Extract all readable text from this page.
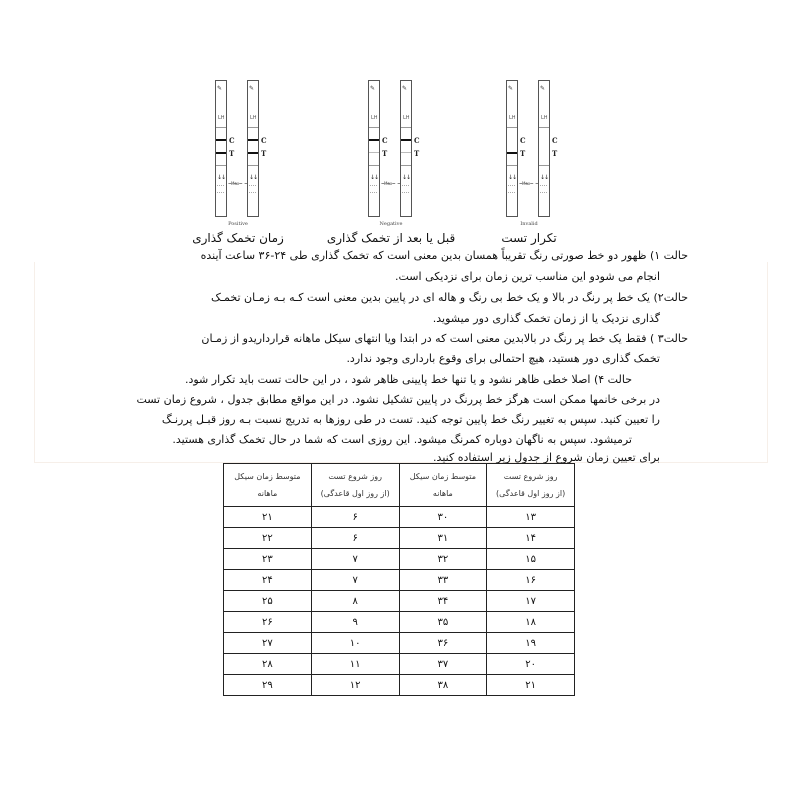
✎
LH
↓↓
C
T
Max
✎
LH
↓↓
C
T
Positive
زمان تخمک گذاری
✎
LH
↓↓
C
T
Max
✎
LH
↓↓
C
T
Negative
قبل یا بعد از تخمک گذاری
✎
LH
↓↓
C
T
Max
✎
LH
↓↓
C
T
Invalid
تکرار تست
حالت ۱) ظهور دو خط صورتی رنگ تقریباً همسان بدین معنی است که تخمک گذاری طی ۲۴-۳۶ ساعت آینده
انجام می شودو این مناسب ترین زمان برای نزدیکی است.
حالت۲) یک خط پر رنگ در بالا و یک خط بی رنگ و هاله ای در پایین بدین معنی است کـه بـه زمـان تخمـک
گذاری نزدیک یا از زمان تخمک گذاری دور میشوید.
حالت۳ ) فقط یک خط پر رنگ در بالابدین معنی است که در ابتدا ویا انتهای سیکل ماهانه قراردارید‌و از زمـان
تخمک گذاری دور هستید، هیچ احتمالی برای وقوع بارداری وجود ندارد.
حالت ۴) اصلا خطی ظاهر نشود و یا تنها خط پایینی ظاهر شود ، در این حالت تست باید تکرار شود.
در برخی خانمها ممکن است هرگز خط پررنگ در پایین تشکیل نشود. در این مواقع مطابق جدول ، شروع زمان تست
را تعیین کنید. سپس به تغییر رنگ خط پایین توجه کنید. تست در طی روزها به تدریج نسبت بـه روز قبـل پررنـگ
ترمیشود. سپس به ناگهان دوباره کمرنگ میشود. این روزی است که شما در حال تخمک گذاری هستید.
برای تعیین زمان شروع از جدول زیر استفاده کنید.
روز شروع تست
(از روز اول قاعدگی)	متوسط زمان سیکل
ماهانه	روز شروع تست
(از روز اول قاعدگی)	متوسط زمان سیکل
ماهانه
۱۳	۳۰	۶	۲۱
۱۴	۳۱	۶	۲۲
۱۵	۳۲	۷	۲۳
۱۶	۳۳	۷	۲۴
۱۷	۳۴	۸	۲۵
۱۸	۳۵	۹	۲۶
۱۹	۳۶	۱۰	۲۷
۲۰	۳۷	۱۱	۲۸
۲۱	۳۸	۱۲	۲۹
